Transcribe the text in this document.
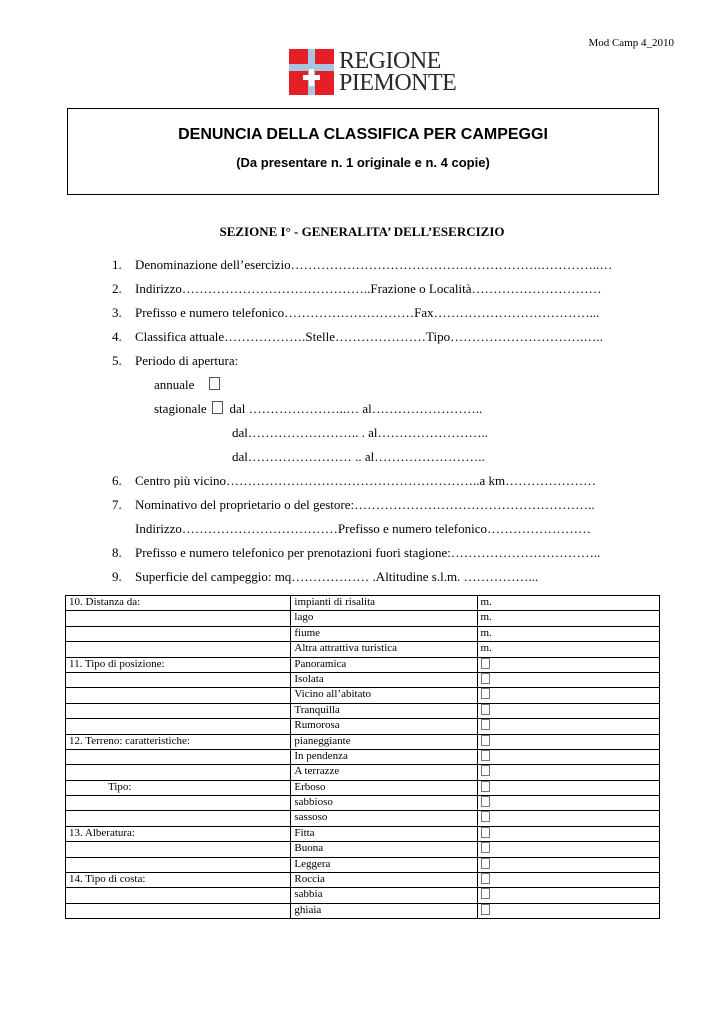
Mod Camp 4_2010
REGIONE
PIEMONTE
DENUNCIA DELLA CLASSIFICA PER CAMPEGGI
(Da presentare n. 1 originale e n. 4 copie)
SEZIONE I° - GENERALITA’ DELL’ESERCIZIO
1. Denominazione dell’esercizio………………………………………………….…………..…
2. Indirizzo……………………………………..Frazione o Località…………………………
3. Prefisso e numero telefonico…………………………Fax………………………………...
4. Classifica attuale……………….Stelle…………………Tipo………………………….…..
5. Periodo di apertura:
annuale
stagionale dal …………………..… al……………………..
dal…………………….. . al……………………..
dal…………………… .. al……………………..
6. Centro più vicino…………………………………………………..a km…………………
7. Nominativo del proprietario o del gestore:………………………………………………..
Indirizzo………………………………Prefisso e numero telefonico……………………
8. Prefisso e numero telefonico per prenotazioni fuori stagione:……………………………..
9. Superficie del campeggio: mq……………… .Altitudine s.l.m. ……………...
10. Distanza da:	impianti di risalita	m.
	lago	m.
	fiume	m.
	Altra attrattiva turistica	m.
11. Tipo di posizione:	Panoramica	
	Isolata	
	Vicino all’abitato	
	Tranquilla	
	Rumorosa	
12. Terreno: caratteristiche:	pianeggiante	
	In pendenza	
	A terrazze	
Tipo:	Erboso	
	sabbioso	
	sassoso	
13. Alberatura:	Fitta	
	Buona	
	Leggera	
14. Tipo di costa:	Roccia	
	sabbia	
	ghiaia	
